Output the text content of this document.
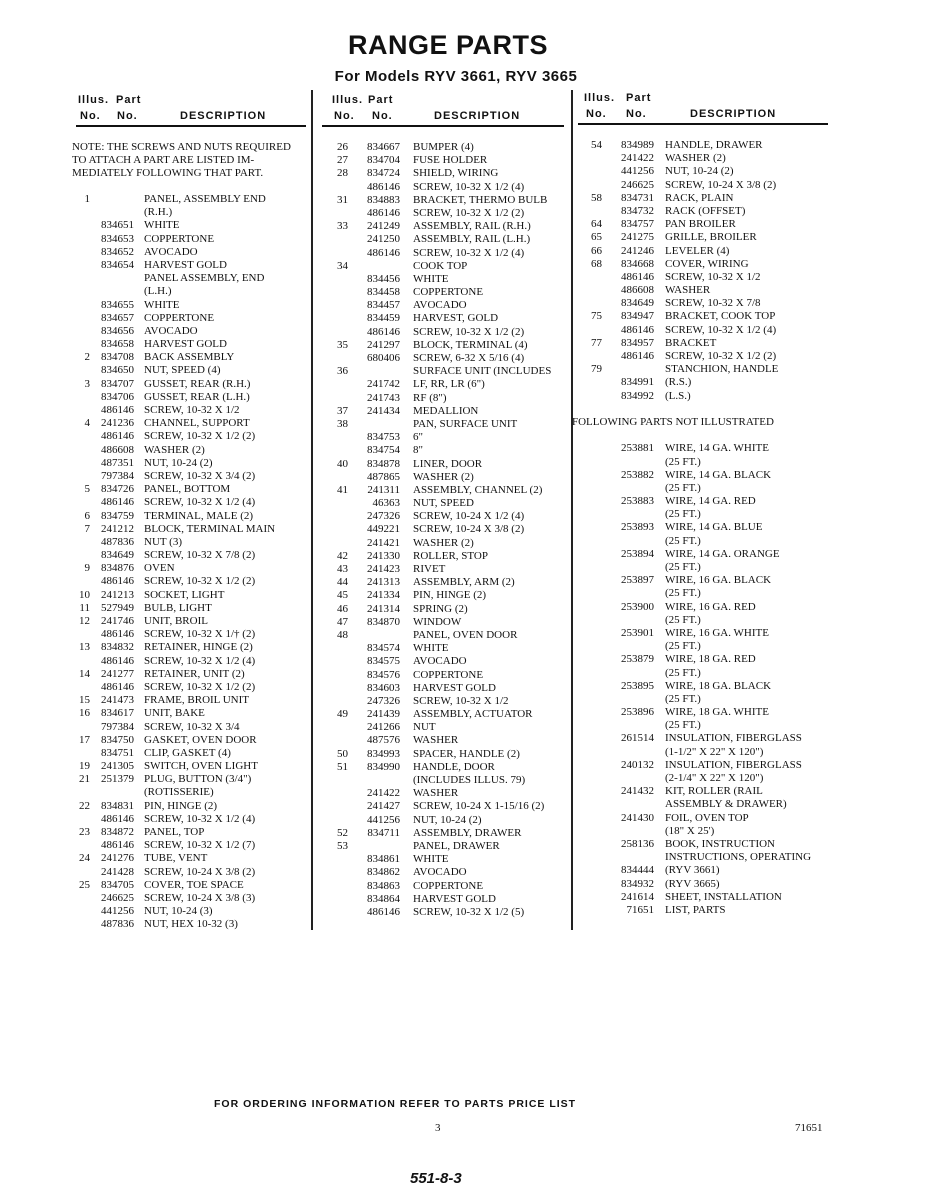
RANGE PARTS
For Models RYV 3661, RYV 3665
Illus. Part
No. No.	DESCRIPTION
NOTE: THE SCREWS AND NUTS REQUIRED
TO ATTACH A PART ARE LISTED IM-
MEDIATELY FOLLOWING THAT PART.
1	PANEL, ASSEMBLY END
(R.H.)
834651 WHITE
834653 COPPERTONE
834652 AVOCADO
834654 HARVEST GOLD
PANEL ASSEMBLY, END
(L.H.)
834655 WHITE
834657 COPPERTONE
834656 AVOCADO
834658 HARVEST GOLD
2	834708 BACK ASSEMBLY
834650 NUT, SPEED (4)
3	834707 GUSSET, REAR (R.H.)
834706 GUSSET, REAR (L.H.)
486146 SCREW, 10-32 X 1/2
4	241236 CHANNEL, SUPPORT
486146 SCREW, 10-32 X 1/2 (2)
486608 WASHER (2)
487351 NUT, 10-24 (2)
797384 SCREW, 10-32 X 3/4 (2)
5	834726 PANEL, BOTTOM
486146 SCREW, 10-32 X 1/2 (4)
6	834759 TERMINAL, MALE (2)
7	241212 BLOCK, TERMINAL MAIN
487836 NUT (3)
834649 SCREW, 10-32 X 7/8 (2)
9	834876 OVEN
486146 SCREW, 10-32 X 1/2 (2)
10	241213 SOCKET, LIGHT
11	527949 BULB, LIGHT
12	241746 UNIT, BROIL
486146 SCREW, 10-32 X 1/† (2)
13	834832 RETAINER, HINGE (2)
486146 SCREW, 10-32 X 1/2 (4)
14	241277 RETAINER, UNIT (2)
486146 SCREW, 10-32 X 1/2 (2)
15	241473 FRAME, BROIL UNIT
16	834617 UNIT, BAKE
797384 SCREW, 10-32 X 3/4
17	834750 GASKET, OVEN DOOR
834751 CLIP, GASKET (4)
19	241305 SWITCH, OVEN LIGHT
21	251379 PLUG, BUTTON (3/4")
(ROTISSERIE)
22	834831 PIN, HINGE (2)
486146 SCREW, 10-32 X 1/2 (4)
23	834872 PANEL, TOP
486146 SCREW, 10-32 X 1/2 (7)
24	241276 TUBE, VENT
241428 SCREW, 10-24 X 3/8 (2)
25	834705 COVER, TOE SPACE
246625 SCREW, 10-24 X 3/8 (3)
441256 NUT, 10-24 (3)
487836 NUT, HEX 10-32 (3)
Illus. Part
No. No.	DESCRIPTION
26	834667 BUMPER (4)
27	834704 FUSE HOLDER
28	834724 SHIELD, WIRING
486146 SCREW, 10-32 X 1/2 (4)
31	834883 BRACKET, THERMO BULB
486146 SCREW, 10-32 X 1/2 (2)
33	241249 ASSEMBLY, RAIL (R.H.)
241250 ASSEMBLY, RAIL (L.H.)
486146 SCREW, 10-32 X 1/2 (4)
34	COOK TOP
834456 WHITE
834458 COPPERTONE
834457 AVOCADO
834459 HARVEST, GOLD
486146 SCREW, 10-32 X 1/2 (2)
35	241297 BLOCK, TERMINAL (4)
680406 SCREW, 6-32 X 5/16 (4)
36	SURFACE UNIT (INCLUDES
241742 LF, RR, LR (6")
241743 RF (8")
37	241434 MEDALLION
38	PAN, SURFACE UNIT
834753 6"
834754 8"
40	834878 LINER, DOOR
487865 WASHER (2)
41	241311 ASSEMBLY, CHANNEL (2)
46363 NUT, SPEED
247326 SCREW, 10-24 X 1/2 (4)
449221 SCREW, 10-24 X 3/8 (2)
241421 WASHER (2)
42	241330 ROLLER, STOP
43	241423 RIVET
44	241313 ASSEMBLY, ARM (2)
45	241334 PIN, HINGE (2)
46	241314 SPRING (2)
47	834870 WINDOW
48	PANEL, OVEN DOOR
834574 WHITE
834575 AVOCADO
834576 COPPERTONE
834603 HARVEST GOLD
247326 SCREW, 10-32 X 1/2
49	241439 ASSEMBLY, ACTUATOR
241266 NUT
487576 WASHER
50	834993 SPACER, HANDLE (2)
51	834990 HANDLE, DOOR
(INCLUDES ILLUS. 79)
241422 WASHER
241427 SCREW, 10-24 X 1-15/16 (2)
441256 NUT, 10-24 (2)
52	834711 ASSEMBLY, DRAWER
53	PANEL, DRAWER
834861 WHITE
834862 AVOCADO
834863 COPPERTONE
834864 HARVEST GOLD
486146 SCREW, 10-32 X 1/2 (5)
Illus. Part
No. No.	DESCRIPTION
54	834989 HANDLE, DRAWER
241422 WASHER (2)
441256 NUT, 10-24 (2)
246625 SCREW, 10-24 X 3/8 (2)
58	834731 RACK, PLAIN
834732 RACK (OFFSET)
64	834757 PAN BROILER
65	241275 GRILLE, BROILER
66	241246 LEVELER (4)
68	834668 COVER, WIRING
486146 SCREW, 10-32 X 1/2
486608 WASHER
834649 SCREW, 10-32 X 7/8
75	834947 BRACKET, COOK TOP
486146 SCREW, 10-32 X 1/2 (4)
77	834957 BRACKET
486146 SCREW, 10-32 X 1/2 (2)
79	STANCHION, HANDLE
834991 (R.S.)
834992 (L.S.)
FOLLOWING PARTS NOT ILLUSTRATED
253881 WIRE, 14 GA. WHITE
(25 FT.)
253882 WIRE, 14 GA. BLACK
(25 FT.)
253883 WIRE, 14 GA. RED
(25 FT.)
253893 WIRE, 14 GA. BLUE
(25 FT.)
253894 WIRE, 14 GA. ORANGE
(25 FT.)
253897 WIRE, 16 GA. BLACK
(25 FT.)
253900 WIRE, 16 GA. RED
(25 FT.)
253901 WIRE, 16 GA. WHITE
(25 FT.)
253879 WIRE, 18 GA. RED
(25 FT.)
253895 WIRE, 18 GA. BLACK
(25 FT.)
253896 WIRE, 18 GA. WHITE
(25 FT.)
261514 INSULATION, FIBERGLASS
(1-1/2" X 22" X 120")
240132 INSULATION, FIBERGLASS
(2-1/4" X 22" X 120")
241432 KIT, ROLLER (RAIL
ASSEMBLY & DRAWER)
241430 FOIL, OVEN TOP
(18" X 25')
258136 BOOK, INSTRUCTION
INSTRUCTIONS, OPERATING
834444 (RYV 3661)
834932 (RYV 3665)
241614 SHEET, INSTALLATION
71651 LIST, PARTS
FOR ORDERING INFORMATION REFER TO PARTS PRICE LIST
3	71651
551-8-3
